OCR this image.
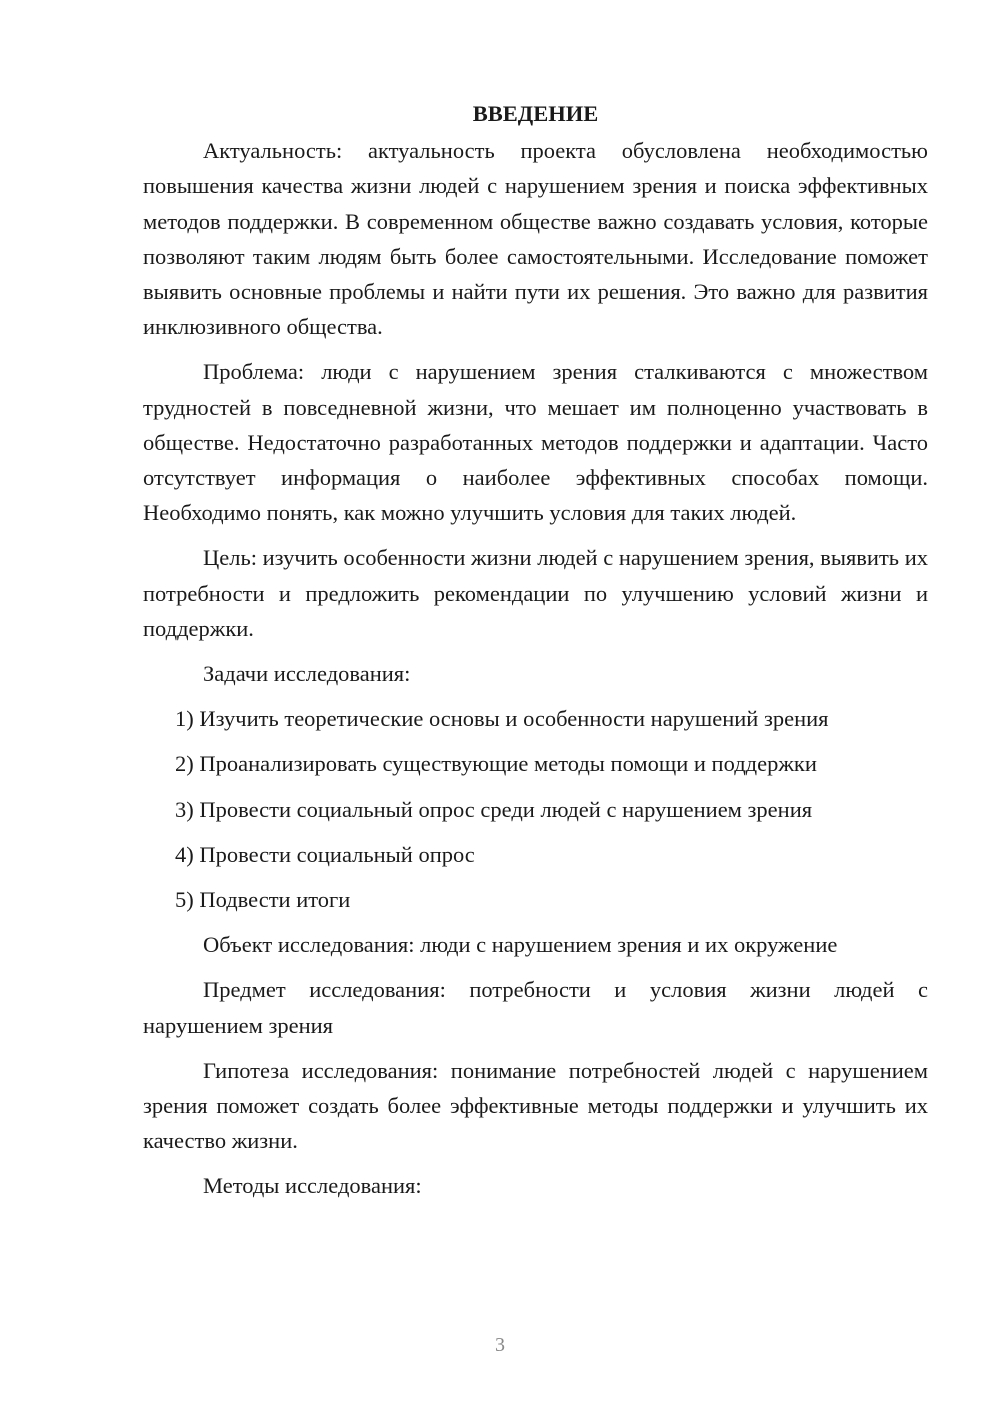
ВВЕДЕНИЕ

Актуальность: актуальность проекта обусловлена необходимостью повышения качества жизни людей с нарушением зрения и поиска эффективных методов поддержки. В современном обществе важно создавать условия, которые позволяют таким людям быть более самостоятельными. Исследование поможет выявить основные проблемы и найти пути их решения. Это важно для развития инклюзивного общества.

Проблема: люди с нарушением зрения сталкиваются с множеством трудностей в повседневной жизни, что мешает им полноценно участвовать в обществе. Недостаточно разработанных методов поддержки и адаптации. Часто отсутствует информация о наиболее эффективных способах помощи. Необходимо понять, как можно улучшить условия для таких людей.

Цель: изучить особенности жизни людей с нарушением зрения, выявить их потребности и предложить рекомендации по улучшению условий жизни и поддержки.

Задачи исследования:

1) Изучить теоретические основы и особенности нарушений зрения

2) Проанализировать существующие методы помощи и поддержки

3) Провести социальный опрос среди людей с нарушением зрения

4) Провести социальный опрос

5) Подвести итоги

Объект исследования: люди с нарушением зрения и их окружение

Предмет исследования: потребности и условия жизни людей с нарушением зрения

Гипотеза исследования: понимание потребностей людей с нарушением зрения поможет создать более эффективные методы поддержки и улучшить их качество жизни.

Методы исследования:

3
